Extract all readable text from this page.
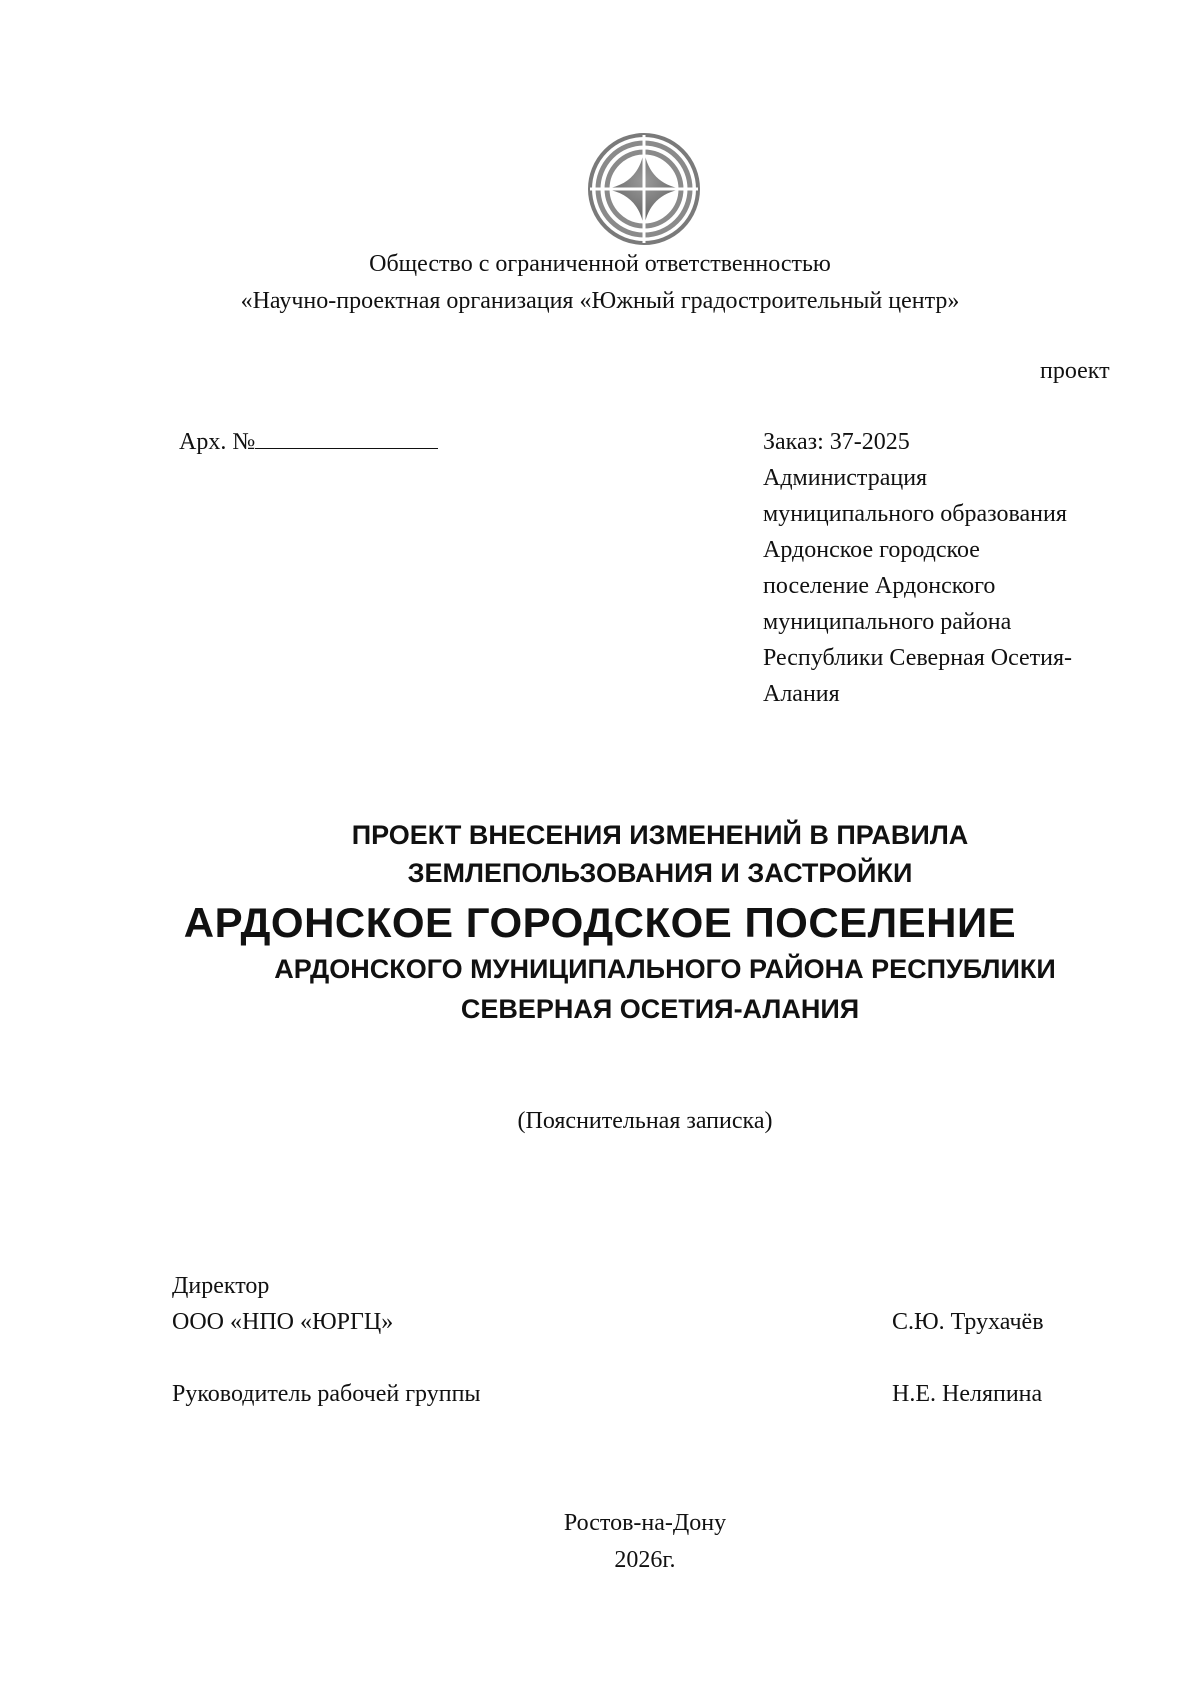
Общество с ограниченной ответственностью
«Научно-проектная организация «Южный градостроительный центр»
проект
Арх. №	Заказ: 37-2025
Администрация
муниципального образования
Ардонское городское
поселение Ардонского
муниципального района
Республики Северная Осетия-
Алания
ПРОЕКТ ВНЕСЕНИЯ ИЗМЕНЕНИЙ В ПРАВИЛА
ЗЕМЛЕПОЛЬЗОВАНИЯ И ЗАСТРОЙКИ
АРДОНСКОЕ ГОРОДСКОЕ ПОСЕЛЕНИЕ
АРДОНСКОГО МУНИЦИПАЛЬНОГО РАЙОНА РЕСПУБЛИКИ
СЕВЕРНАЯ ОСЕТИЯ-АЛАНИЯ
(Пояснительная записка)
Директор
ООО «НПО «ЮРГЦ»	С.Ю. Трухачёв
Руководитель рабочей группы	Н.Е. Неляпина
Ростов-на-Дону
2026г.
